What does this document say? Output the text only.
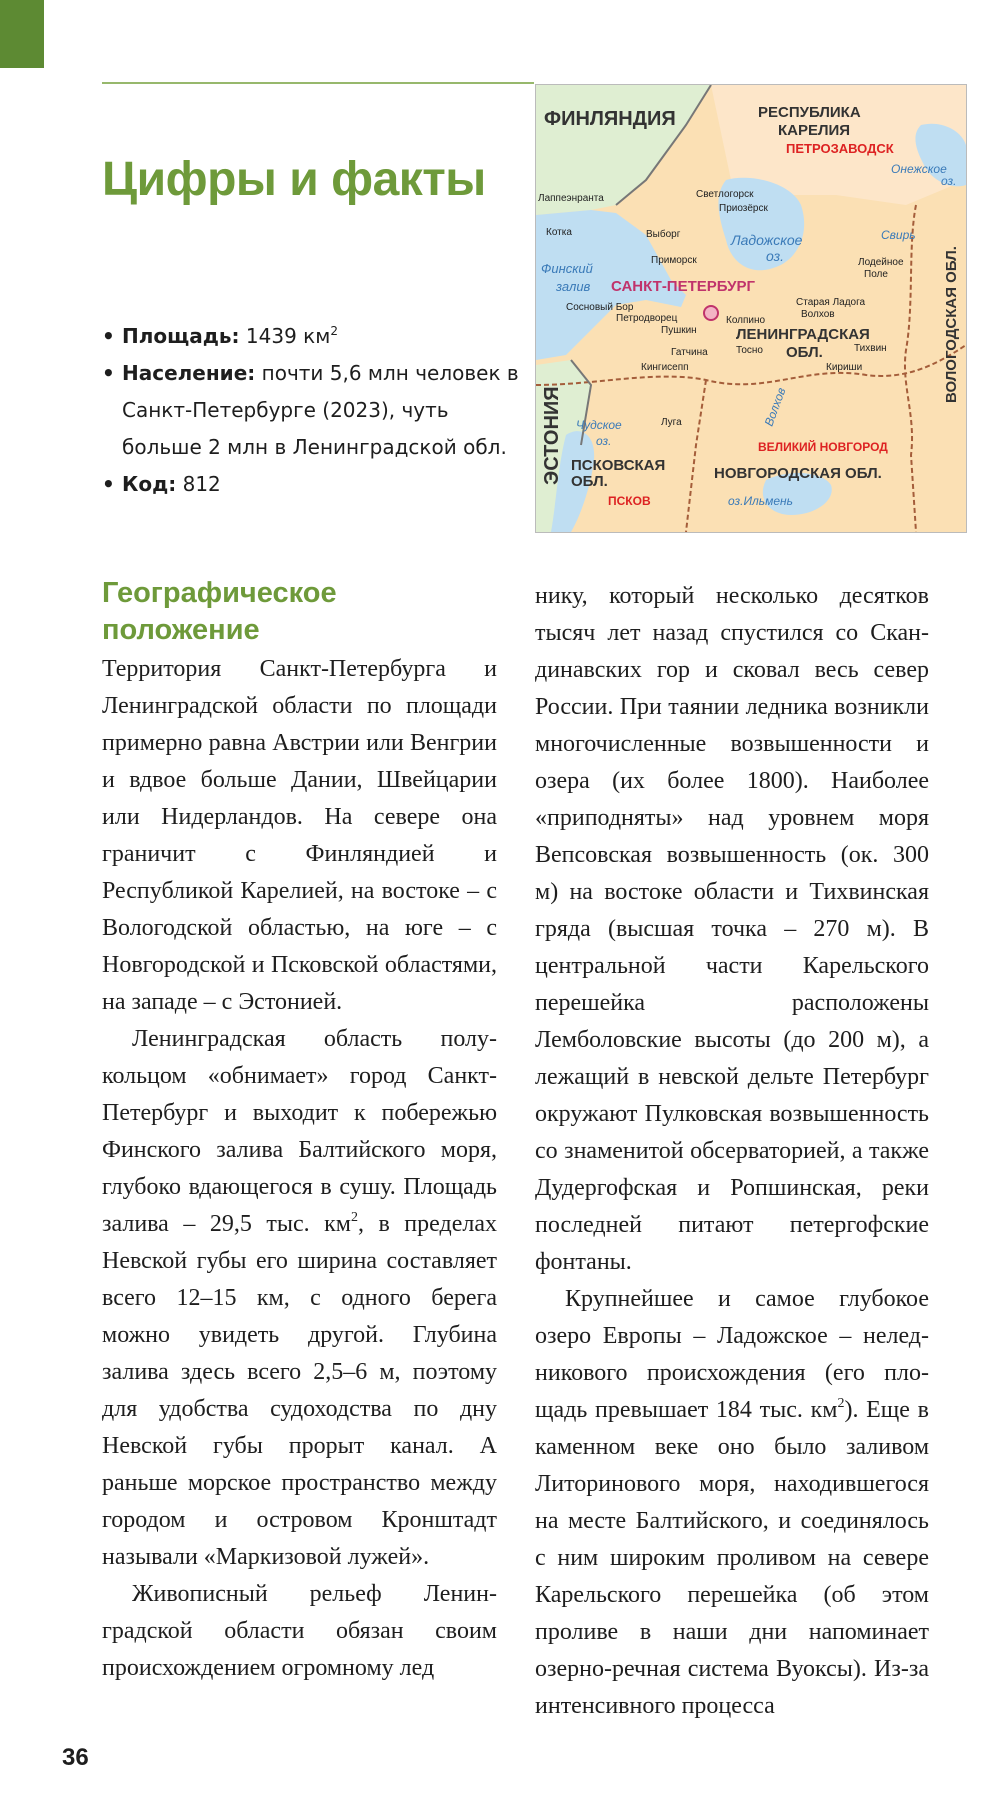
Цифры и факты
• Площадь: 1439 $км^2$
• Население: почти 5,6 млн человек в Санкт-Петербурге (2023), чуть больше 2 млн в Ленинградской обл.
• Код: 812
ФИНЛЯНДИЯ
ЭСТОНИЯ
РЕСПУБЛИКА
КАРЕЛИЯ
ЛЕНИНГРАДСКАЯ
ОБЛ.	ВОЛОГОДСКАЯ ОБЛ.
ПСКОВСКАЯ
ОБЛ.	НОВГОРОДСКАЯ ОБЛ.
ПЕТРОЗАВОДСК
САНКТ-ПЕТЕРБУРГ
ВЕЛИКИЙ НОВГОРОД
ПСКОВ
Лаппеэнранта	Светлогорск
Приозёрск
Котка	Выборг
Приморск
Сосновый Бор
Петродворец
Пушкин
Колпино
Гатчина	Тосно
Кингисепп
Луга
Старая Ладога
Волхов
Тихвин
Кириши
Лодейное
Поле
Онежское
оз.
Ладожское
оз.
Финский
залив
Свирь
Волхов
Чудское
оз.
оз.Ильмень
Географическое положение

Территория Санкт-Петербурга и Ленинградской области по площади примерно равна Австрии или Венгрии и вдвое больше Дании, Швейцарии или Нидерландов. На севере она граничит с Финляндией и Республикой Карелией, на востоке – с Вологодской областью, на юге – с Новгородской и Псковской областями, на западе – с Эстонией.

Ленинградская область полукольцом «обнимает» город Санкт-Петербург и выходит к побережью Финского залива Балтийского моря, глубоко вдающегося в сушу. Площадь залива – 29,5 тыс. $км^2$, в пределах Невской губы его ширина составляет всего 12–15 км, с одного берега можно увидеть другой. Глубина залива здесь всего 2,5–6 м, поэтому для удобства судоходства по дну Невской губы прорыт канал. А раньше морское пространство между городом и островом Кронштадт называли «Маркизовой лужей».

Живописный рельеф Ленинградской области обязан своим происхождением огромному лед

нику, который несколько десятков тысяч лет назад спустился со Скандинавских гор и сковал весь север России. При таянии ледника возникли многочисленные возвышенности и озера (их более 1800). Наиболее «приподняты» над уровнем моря Вепсовская возвышенность (ок. 300 м) на востоке области и Тихвинская гряда (высшая точка – 270 м). В центральной части Карельского перешейка расположены Лемболовские высоты (до 200 м), а лежащий в невской дельте Петербург окружают Пулковская возвышенность со знаменитой обсерваторией, а также Дудергофская и Ропшинская, реки последней питают петергофские фонтаны.

Крупнейшее и самое глубокое озеро Европы – Ладожское – неледникового происхождения (его площадь превышает 184 тыс. $км^2$). Еще в каменном веке оно было заливом Литоринового моря, находившегося на месте Балтийского, и соединялось с ним широким проливом на севере Карельского перешейка (об этом проливе в наши дни напоминает озерно-речная система Вуоксы). Из-за интенсивного процесса

36
